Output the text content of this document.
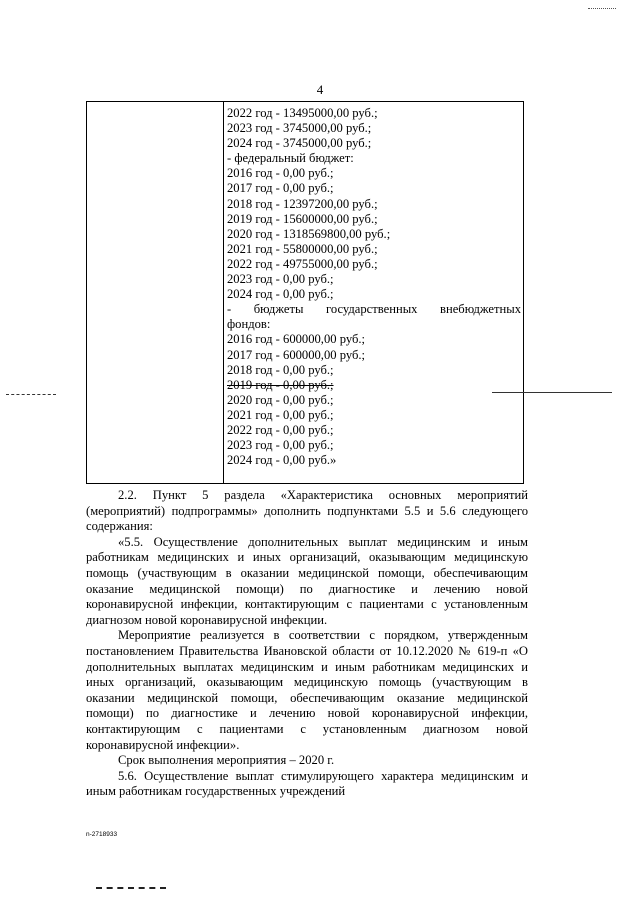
4
2022 год - 13495000,00 руб.;
2023 год - 3745000,00 руб.;
2024 год - 3745000,00 руб.;
- федеральный бюджет:
2016 год - 0,00 руб.;
2017 год - 0,00 руб.;
2018 год - 12397200,00 руб.;
2019 год - 15600000,00 руб.;
2020 год - 1318569800,00 руб.;
2021 год - 55800000,00 руб.;
2022 год - 49755000,00 руб.;
2023 год - 0,00 руб.;
2024 год - 0,00 руб.;
- бюджеты государственных внебюджетных
фондов:
2016 год - 600000,00 руб.;
2017 год - 600000,00 руб.;
2018 год - 0,00 руб.;
2019 год - 0,00 руб.;
2020 год - 0,00 руб.;
2021 год - 0,00 руб.;
2022 год - 0,00 руб.;
2023 год - 0,00 руб.;
2024 год - 0,00 руб.»

2.2. Пункт 5 раздела «Характеристика основных мероприятий (мероприятий) подпрограммы» дополнить подпунктами 5.5 и 5.6 следующего содержания:

«5.5. Осуществление дополнительных выплат медицинским и иным работникам медицинских и иных организаций, оказывающим медицинскую помощь (участвующим в оказании медицинской помощи, обеспечивающим оказание медицинской помощи) по диагностике и лечению новой коронавирусной инфекции, контактирующим с пациентами с установленным диагнозом новой коронавирусной инфекции.

Мероприятие реализуется в соответствии с порядком, утвержденным постановлением Правительства Ивановской области от 10.12.2020 № 619-п «О дополнительных выплатах медицинским и иным работникам медицинских и иных организаций, оказывающим медицинскую помощь (участвующим в оказании медицинской помощи, обеспечивающим оказание медицинской помощи) по диагностике и лечению новой коронавирусной инфекции, контактирующим с пациентами с установленным диагнозом новой коронавирусной инфекции».

Срок выполнения мероприятия – 2020 г.

5.6. Осуществление выплат стимулирующего характера медицинским и иным работникам государственных учреждений

n-2718933
